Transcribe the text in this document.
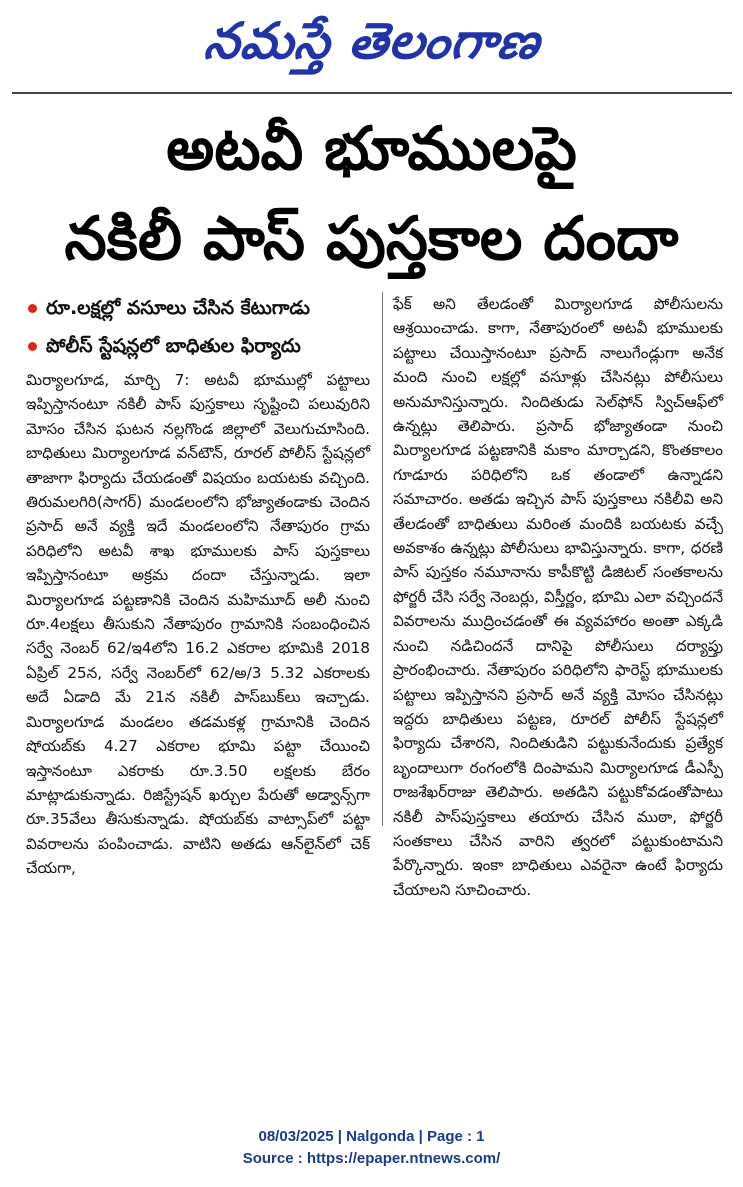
నమస్తే తెలంగాణ
అటవీ భూములపై
నకిలీ పాస్ పుస్తకాల దందా
రూ.లక్షల్లో వసూలు చేసిన కేటుగాడు
పోలీస్ స్టేషన్లలో బాధితుల ఫిర్యాదు

మిర్యాలగూడ, మార్చి 7: అటవీ భూముల్లో పట్టాలు ఇప్పిస్తానంటూ నకిలీ పాస్ పుస్తకాలు సృష్టించి పలువురిని మోసం చేసిన ఘటన నల్లగొండ జిల్లాలో వెలుగుచూసింది. బాధితులు మిర్యాలగూడ వన్‌టౌన్, రూరల్ పోలీస్ స్టేషన్లలో తాజాగా ఫిర్యాదు చేయడంతో విషయం బయటకు వచ్చింది. తిరుమలగిరి(సాగర్) మండలంలోని భోజ్యాతండాకు చెందిన ప్రసాద్ అనే వ్యక్తి ఇదే మండలంలోని నేతాపురం గ్రామ పరిధిలోని అటవీ శాఖ భూములకు పాస్ పుస్తకాలు ఇప్పిస్తానంటూ అక్రమ దందా చేస్తున్నాడు. ఇలా మిర్యాలగూడ పట్టణానికి చెందిన మహిమూద్ అలీ నుంచి రూ.4లక్షలు తీసుకుని నేతాపురం గ్రామానికి సంబంధించిన సర్వే నెంబర్ 62/ఇ4లోని 16.2 ఎకరాల భూమికి 2018 ఏప్రిల్ 25న, సర్వే నెంబర్‌లో 62/అ/3 5.32 ఎకరాలకు అదే ఏడాది మే 21న నకిలీ పాస్‌బుక్‌లు ఇచ్చాడు. మిర్యాలగూడ మండలం తడమకళ్ల గ్రామానికి చెందిన షోయబ్‌కు 4.27 ఎకరాల భూమి పట్టా చేయించి ఇస్తానంటూ ఎకరాకు రూ.3.50 లక్షలకు బేరం మాట్లాడుకున్నాడు. రిజిస్ట్రేషన్ ఖర్చుల పేరుతో అడ్వాన్స్‌గా రూ.35వేలు తీసుకున్నాడు. షోయబ్‌కు వాట్సాప్‌లో పట్టా వివరాలను పంపించాడు. వాటిని అతడు ఆన్‌లైన్‌లో చెక్ చేయగా,

ఫేక్ అని తేలడంతో మిర్యాలగూడ పోలీసులను ఆశ్రయించాడు. కాగా, నేతాపురంలో అటవీ భూములకు పట్టాలు చేయిస్తానంటూ ప్రసాద్ నాలుగేండ్లుగా అనేక మంది నుంచి లక్షల్లో వసూళ్లు చేసినట్లు పోలీసులు అనుమానిస్తున్నారు. నిందితుడు సెల్‌ఫోన్ స్విచ్ఆఫ్‌లో ఉన్నట్లు తెలిపారు. ప్రసాద్ భోజ్యాతండా నుంచి మిర్యాలగూడ పట్టణానికి మకాం మార్చాడని, కొంతకాలం గూడూరు పరిధిలోని ఒక తండాలో ఉన్నాడని సమాచారం. అతడు ఇచ్చిన పాస్ పుస్తకాలు నకిలీవి అని తేలడంతో బాధితులు మరింత మందికి బయటకు వచ్చే అవకాశం ఉన్నట్లు పోలీసులు భావిస్తున్నారు. కాగా, ధరణి పాస్ పుస్తకం నమూనాను కాపీకొట్టి డిజిటల్ సంతకాలను ఫోర్జరీ చేసి సర్వే నెంబర్లు, విస్తీర్ణం, భూమి ఎలా వచ్చిందనే వివరాలను ముద్రించడంతో ఈ వ్యవహారం అంతా ఎక్కడి నుంచి నడిచిందనే దానిపై పోలీసులు దర్యాప్తు ప్రారంభించారు. నేతాపురం పరిధిలోని ఫారెస్ట్ భూములకు పట్టాలు ఇప్పిస్తానని ప్రసాద్ అనే వ్యక్తి మోసం చేసినట్లు ఇద్దరు బాధితులు పట్టణ, రూరల్ పోలీస్ స్టేషన్లలో ఫిర్యాదు చేశారని, నిందితుడిని పట్టుకునేందుకు ప్రత్యేక బృందాలుగా రంగంలోకి దింపామని మిర్యాలగూడ డీఎస్పీ రాజశేఖర్‌రాజు తెలిపారు. అతడిని పట్టుకోవడంతోపాటు నకిలీ పాస్‌పుస్తకాలు తయారు చేసిన ముఠా, ఫోర్జరీ సంతకాలు చేసిన వారిని త్వరలో పట్టుకుంటామని పేర్కొన్నారు. ఇంకా బాధితులు ఎవరైనా ఉంటే ఫిర్యాదు చేయాలని సూచించారు.

08/03/2025 | Nalgonda | Page : 1
Source : https://epaper.ntnews.com/
